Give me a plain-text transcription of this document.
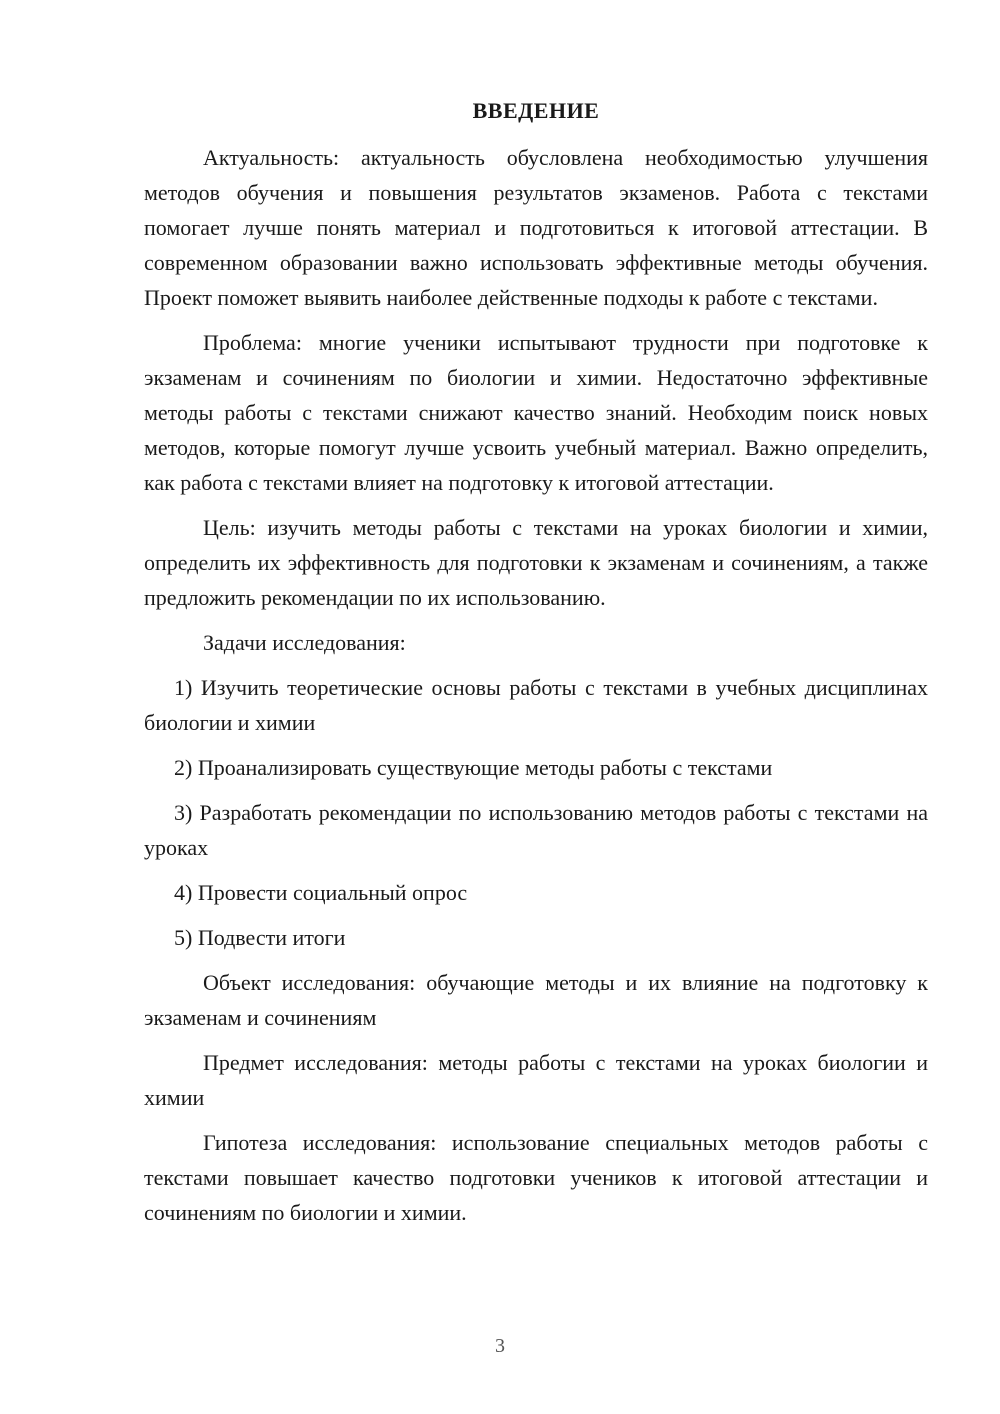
ВВЕДЕНИЕ

Актуальность: актуальность обусловлена необходимостью улучшения методов обучения и повышения результатов экзаменов. Работа с текстами помогает лучше понять материал и подготовиться к итоговой аттестации. В современном образовании важно использовать эффективные методы обучения. Проект поможет выявить наиболее действенные подходы к работе с текстами.

Проблема: многие ученики испытывают трудности при подготовке к экзаменам и сочинениям по биологии и химии. Недостаточно эффективные методы работы с текстами снижают качество знаний. Необходим поиск новых методов, которые помогут лучше усвоить учебный материал. Важно определить, как работа с текстами влияет на подготовку к итоговой аттестации.

Цель: изучить методы работы с текстами на уроках биологии и химии, определить их эффективность для подготовки к экзаменам и сочинениям, а также предложить рекомендации по их использованию.

Задачи исследования:

1) Изучить теоретические основы работы с текстами в учебных дисциплинах биологии и химии

2) Проанализировать существующие методы работы с текстами

3) Разработать рекомендации по использованию методов работы с текстами на уроках

4) Провести социальный опрос

5) Подвести итоги

Объект исследования: обучающие методы и их влияние на подготовку к экзаменам и сочинениям

Предмет исследования: методы работы с текстами на уроках биологии и химии

Гипотеза исследования: использование специальных методов работы с текстами повышает качество подготовки учеников к итоговой аттестации и сочинениям по биологии и химии.

3
